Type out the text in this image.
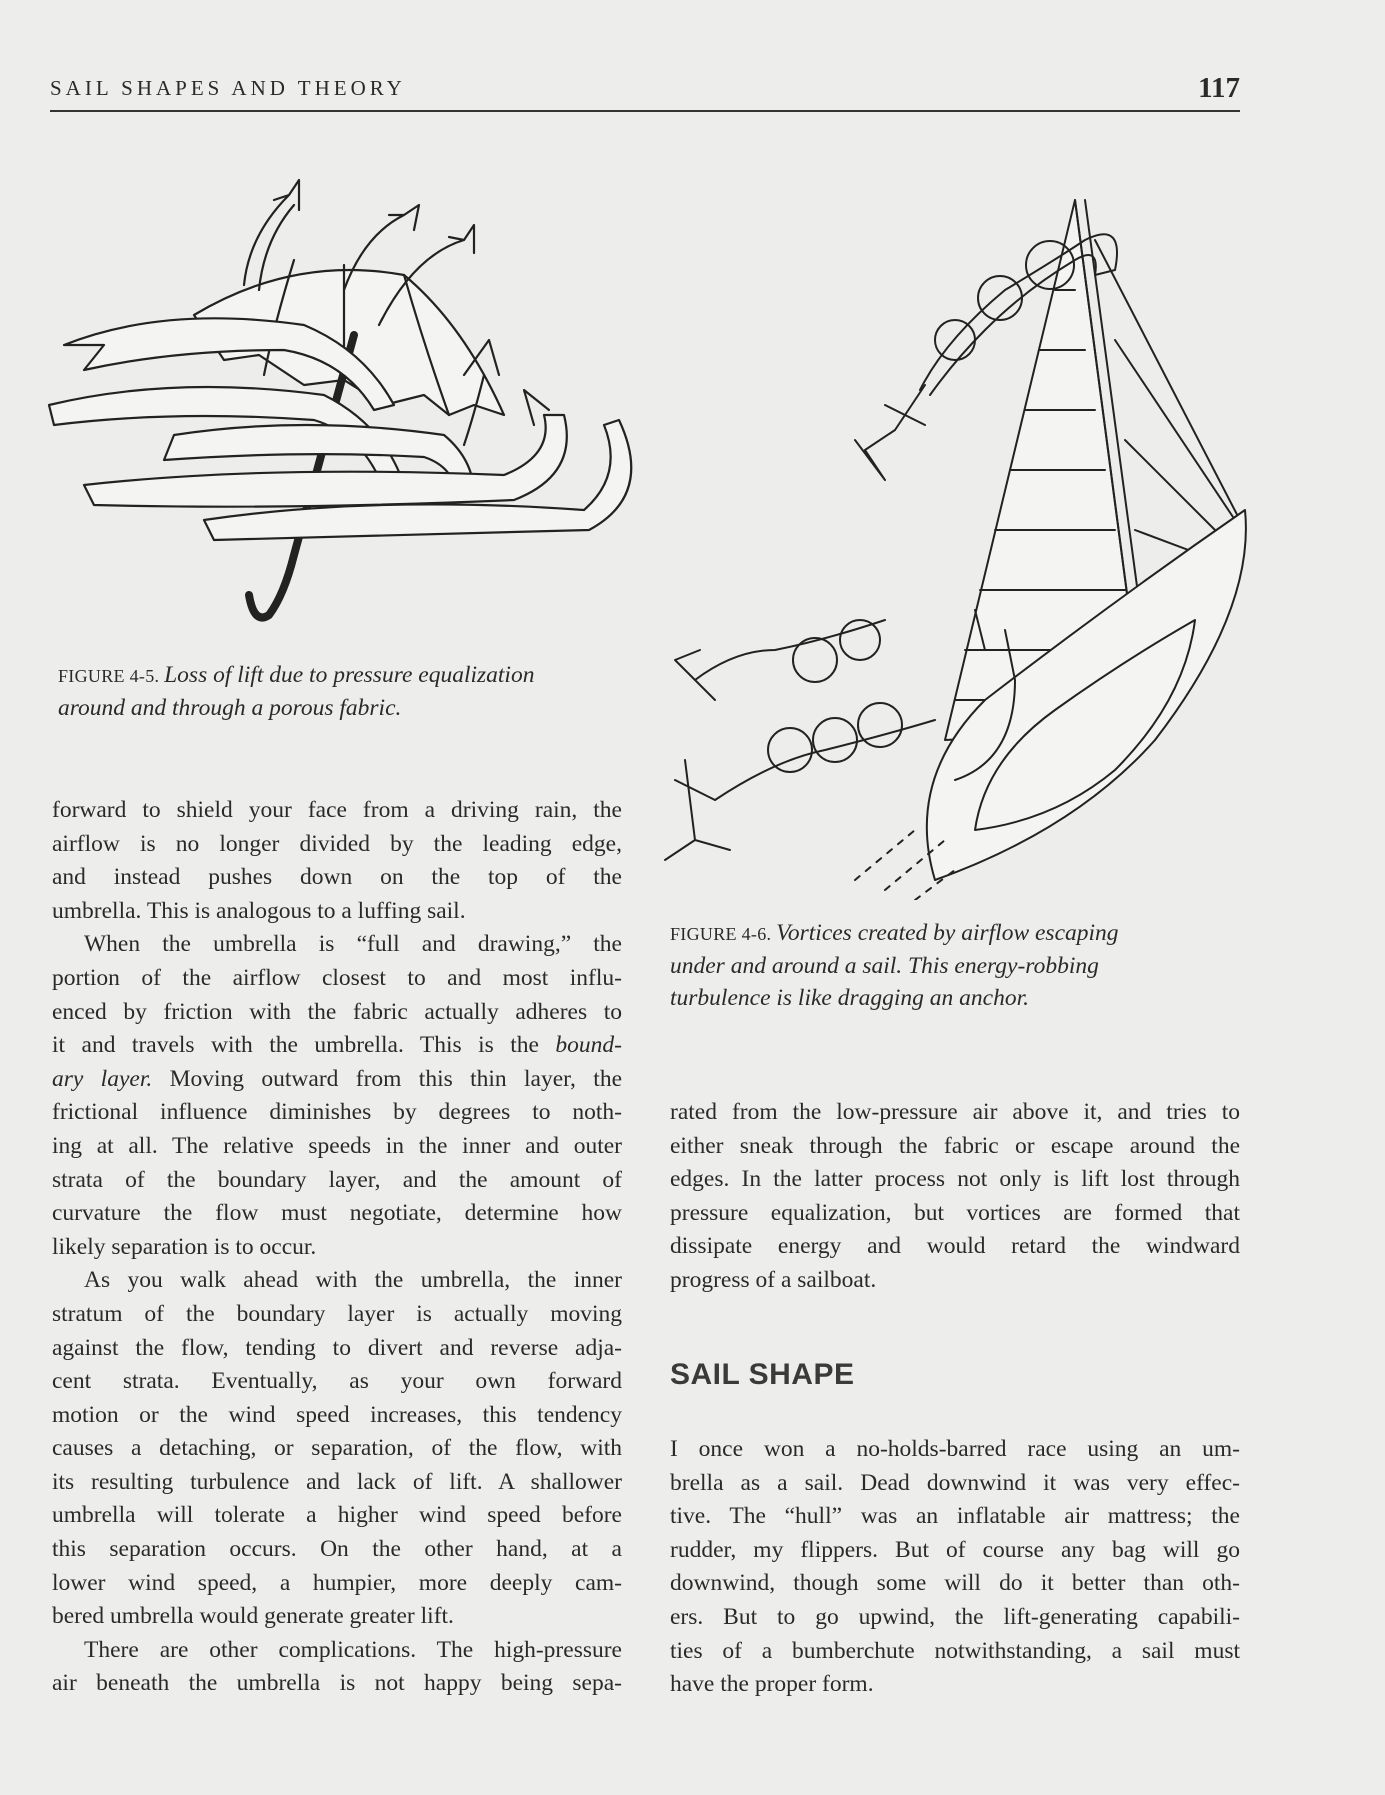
SAIL SHAPES AND THEORY	117
FIGURE 4-5. Loss of lift due to pressure equalization
around and through a porous fabric.
FIGURE 4-6. Vortices created by airflow escaping
under and around a sail. This energy-robbing
turbulence is like dragging an anchor.
forward to shield your face from a driving rain, the
airflow is no longer divided by the leading edge,
and instead pushes down on the top of the
umbrella. This is analogous to a luffing sail.
When the umbrella is “full and drawing,” the
portion of the airflow closest to and most influ-
enced by friction with the fabric actually adheres to
it and travels with the umbrella. This is the bound-
ary layer. Moving outward from this thin layer, the
frictional influence diminishes by degrees to noth-
ing at all. The relative speeds in the inner and outer
strata of the boundary layer, and the amount of
curvature the flow must negotiate, determine how
likely separation is to occur.
As you walk ahead with the umbrella, the inner
stratum of the boundary layer is actually moving
against the flow, tending to divert and reverse adja-
cent strata. Eventually, as your own forward
motion or the wind speed increases, this tendency
causes a detaching, or separation, of the flow, with
its resulting turbulence and lack of lift. A shallower
umbrella will tolerate a higher wind speed before
this separation occurs. On the other hand, at a
lower wind speed, a humpier, more deeply cam-
bered umbrella would generate greater lift.
There are other complications. The high-pressure
air beneath the umbrella is not happy being sepa-
rated from the low-pressure air above it, and tries to
either sneak through the fabric or escape around the
edges. In the latter process not only is lift lost through
pressure equalization, but vortices are formed that
dissipate energy and would retard the windward
progress of a sailboat.
SAIL SHAPE
I once won a no-holds-barred race using an um-
brella as a sail. Dead downwind it was very effec-
tive. The “hull” was an inflatable air mattress; the
rudder, my flippers. But of course any bag will go
downwind, though some will do it better than oth-
ers. But to go upwind, the lift-generating capabili-
ties of a bumberchute notwithstanding, a sail must
have the proper form.
